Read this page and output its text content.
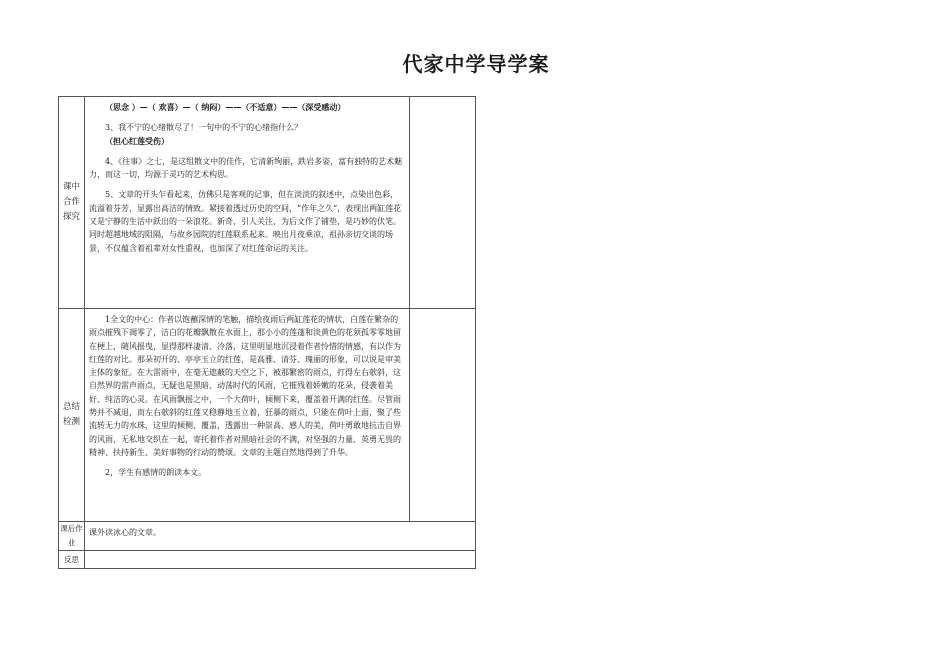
代家中学导学案
课中合作探究	（思念 ）—（ 欢喜）—（ 纳闷）——（不适意）——（深受感动）

3、我不宁的心绪散尽了！一句中的不宁的心绪指什么？

（担心红莲受伤）

4、《往事》之七，是这组散文中的佳作，它清新绚丽，跌岩多姿，富有独特的艺术魅力，而这一切，均源于灵巧的艺术构思。

5、文章的开头乍看起来，仿佛只是客观的记事，但在淡淡的叙述中，点染出色彩，流溢着芬芳，显露出高洁的情致。紧接着透过历史的空间，“作年之久”，表现出两缸莲花又是宁静的生活中跃出的一朵浪花。新奇，引人关注，为后文作了铺垫，是巧妙的伏笔。同时超越地域的阻隔，与故乡园院的红莲联系起来。映出月夜乘凉，祖孙亲切交谈的场景，不仅蕴含着祖辈对女性重视，也加深了对红莲命运的关注。	

总结检测	1全文的中心：作者以饱蘸深情的笔触，描绘夜雨后两缸莲花的情状，白莲在繁杂的雨点摧残下凋零了，洁白的花瓣飘散在水面上，那小小的莲蓬和淡黄色的花须孤零零地留在梗上，随风摇曳，显得那样凄清、冷落，这里明显地沉浸着作者怜惜的情感，有以作为红莲的对比。那朵初开的、亭亭玉立的红莲，是高雅、清芬、瑰丽的形象，可以说是审美主体的象征。在大雷雨中，在毫无遮蔽的天空之下，被那繁密的雨点，打得左右欹斜，这自然界的雷声雨点，无疑也是黑暗、动荡时代的风雨，它摧残着娇嫩的花朵，侵袭着美好、纯洁的心灵。在风雨飘摇之中，一个大荷叶，倾侧下来，覆盖着开满的红莲。尽管雨势并不减退，而左右欹斜的红莲又稳静地玉立着，狂暴的雨点，只能在荷叶上面，聚了些流转无力的水珠，这里的倾侧、覆盖，透露出一种崇高、感人的美，荷叶勇敢地抗击自界的风雨，无私地交织在一起，寄托着作者对黑暗社会的不满，对坚强的力量、英勇无畏的精神、扶持新生、美好事物的行动的赞颂。文章的主题自然地得到了升华。

2，学生有感情的朗读本文。	

课后作业	课外读冰心的文章。	
反思		
